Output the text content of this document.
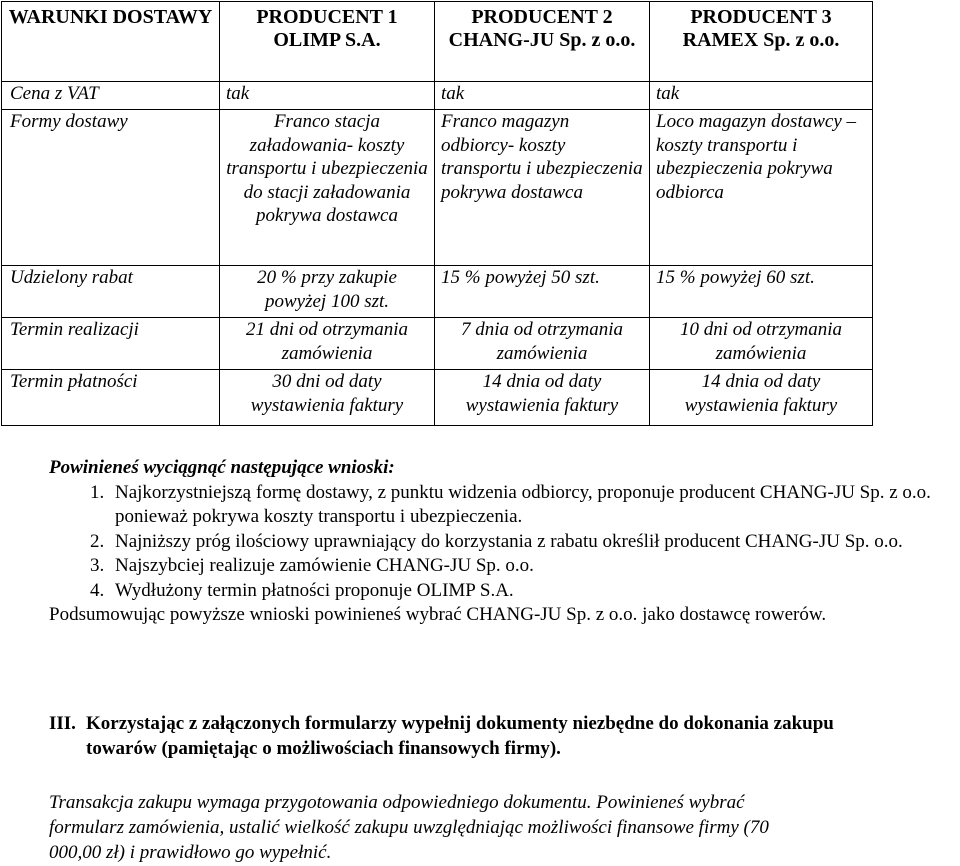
WARUNKI DOSTAWY	PRODUCENT 1 OLIMP S.A.	PRODUCENT 2 CHANG-JU Sp. z o.o.	PRODUCENT 3 RAMEX Sp. z o.o.
Cena z VAT	tak	tak	tak
Formy dostawy	Franco stacja załadowania- koszty transportu i ubezpieczenia do stacji załadowania pokrywa dostawca	Franco magazyn odbiorcy- koszty transportu i ubezpieczenia pokrywa dostawca	Loco magazyn dostawcy – koszty transportu i ubezpieczenia pokrywa odbiorca
Udzielony rabat	20 % przy zakupie powyżej 100 szt.	15 % powyżej 50 szt.	15 % powyżej 60 szt.
Termin realizacji	21 dni od otrzymania zamówienia	7 dnia od otrzymania zamówienia	10 dni od otrzymania zamówienia
Termin płatności	30 dni od daty wystawienia faktury	14 dnia od daty wystawienia faktury	14 dnia od daty wystawienia faktury
Powinieneś wyciągnąć następujące wnioski:
1. Najkorzystniejszą formę dostawy, z punktu widzenia odbiorcy, proponuje producent CHANG-JU Sp. z o.o. ponieważ pokrywa koszty transportu i ubezpieczenia.
2. Najniższy próg ilościowy uprawniający do korzystania z rabatu określił producent CHANG-JU Sp. o.o.
3. Najszybciej realizuje zamówienie CHANG-JU Sp. o.o.
4. Wydłużony termin płatności proponuje OLIMP S.A.
Podsumowując powyższe wnioski powinieneś wybrać CHANG-JU Sp. z o.o. jako dostawcę rowerów.
III. Korzystając z załączonych formularzy wypełnij dokumenty niezbędne do dokonania zakupu towarów (pamiętając o możliwościach finansowych firmy).
Transakcja zakupu wymaga przygotowania odpowiedniego dokumentu. Powinieneś wybrać formularz zamówienia, ustalić wielkość zakupu uwzględniając możliwości finansowe firmy (70 000,00 zł) i prawidłowo go wypełnić.
